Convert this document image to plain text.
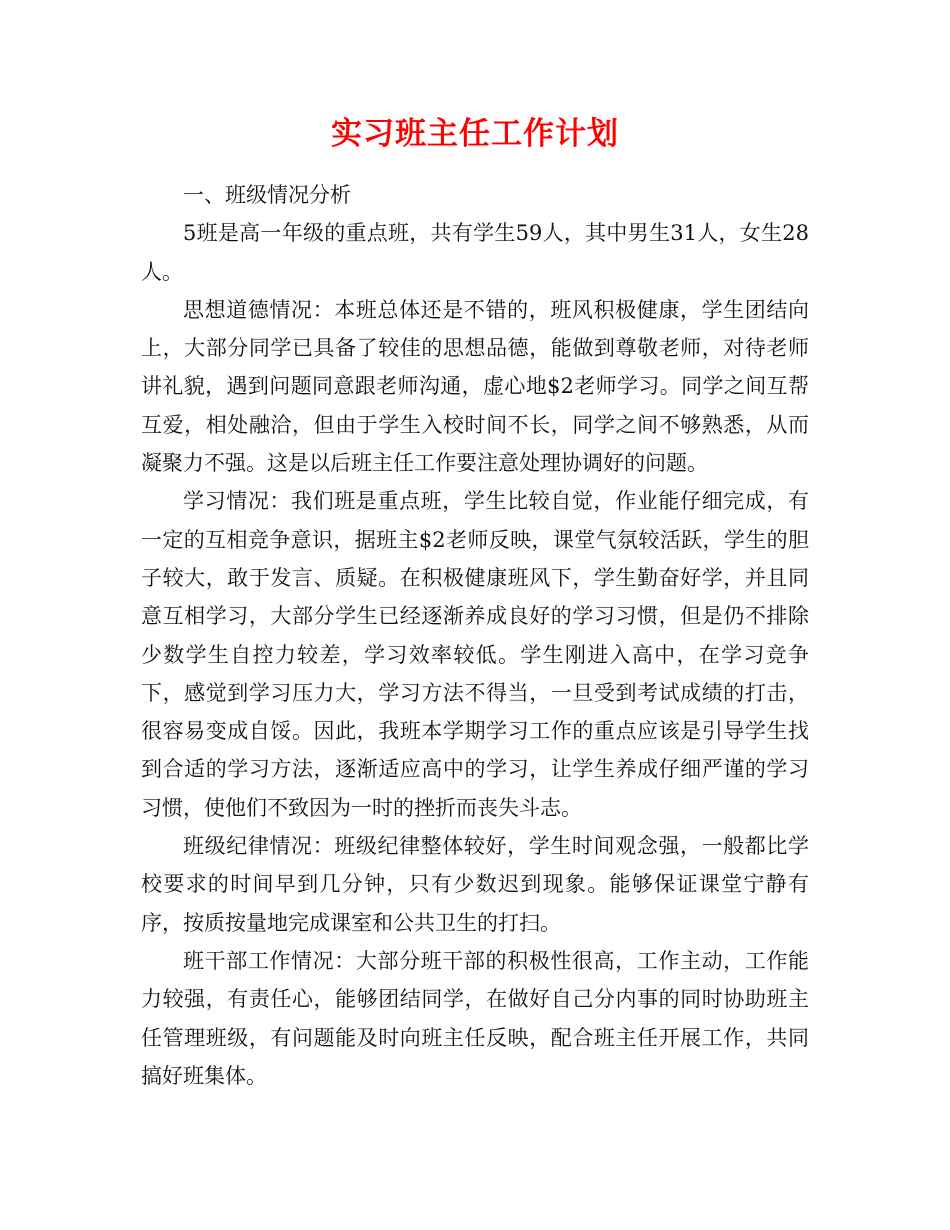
实习班主任工作计划

一、班级情况分析

5班是高一年级的重点班，共有学生59人，其中男生31人，女生28人。

思想道德情况：本班总体还是不错的，班风积极健康，学生团结向上，大部分同学已具备了较佳的思想品德，能做到尊敬老师，对待老师讲礼貌，遇到问题同意跟老师沟通，虚心地$2老师学习。同学之间互帮互爱，相处融洽，但由于学生入校时间不长，同学之间不够熟悉，从而凝聚力不强。这是以后班主任工作要注意处理协调好的问题。

学习情况：我们班是重点班，学生比较自觉，作业能仔细完成，有一定的互相竞争意识，据班主$2老师反映，课堂气氛较活跃，学生的胆子较大，敢于发言、质疑。在积极健康班风下，学生勤奋好学，并且同意互相学习，大部分学生已经逐渐养成良好的学习习惯，但是仍不排除少数学生自控力较差，学习效率较低。学生刚进入高中，在学习竞争下，感觉到学习压力大，学习方法不得当，一旦受到考试成绩的打击，很容易变成自馁。因此，我班本学期学习工作的重点应该是引导学生找到合适的学习方法，逐渐适应高中的学习，让学生养成仔细严谨的学习习惯，使他们不致因为一时的挫折而丧失斗志。

班级纪律情况：班级纪律整体较好，学生时间观念强，一般都比学校要求的时间早到几分钟，只有少数迟到现象。能够保证课堂宁静有序，按质按量地完成课室和公共卫生的打扫。

班干部工作情况：大部分班干部的积极性很高，工作主动，工作能力较强，有责任心，能够团结同学，在做好自己分内事的同时协助班主任管理班级，有问题能及时向班主任反映，配合班主任开展工作，共同搞好班集体。
